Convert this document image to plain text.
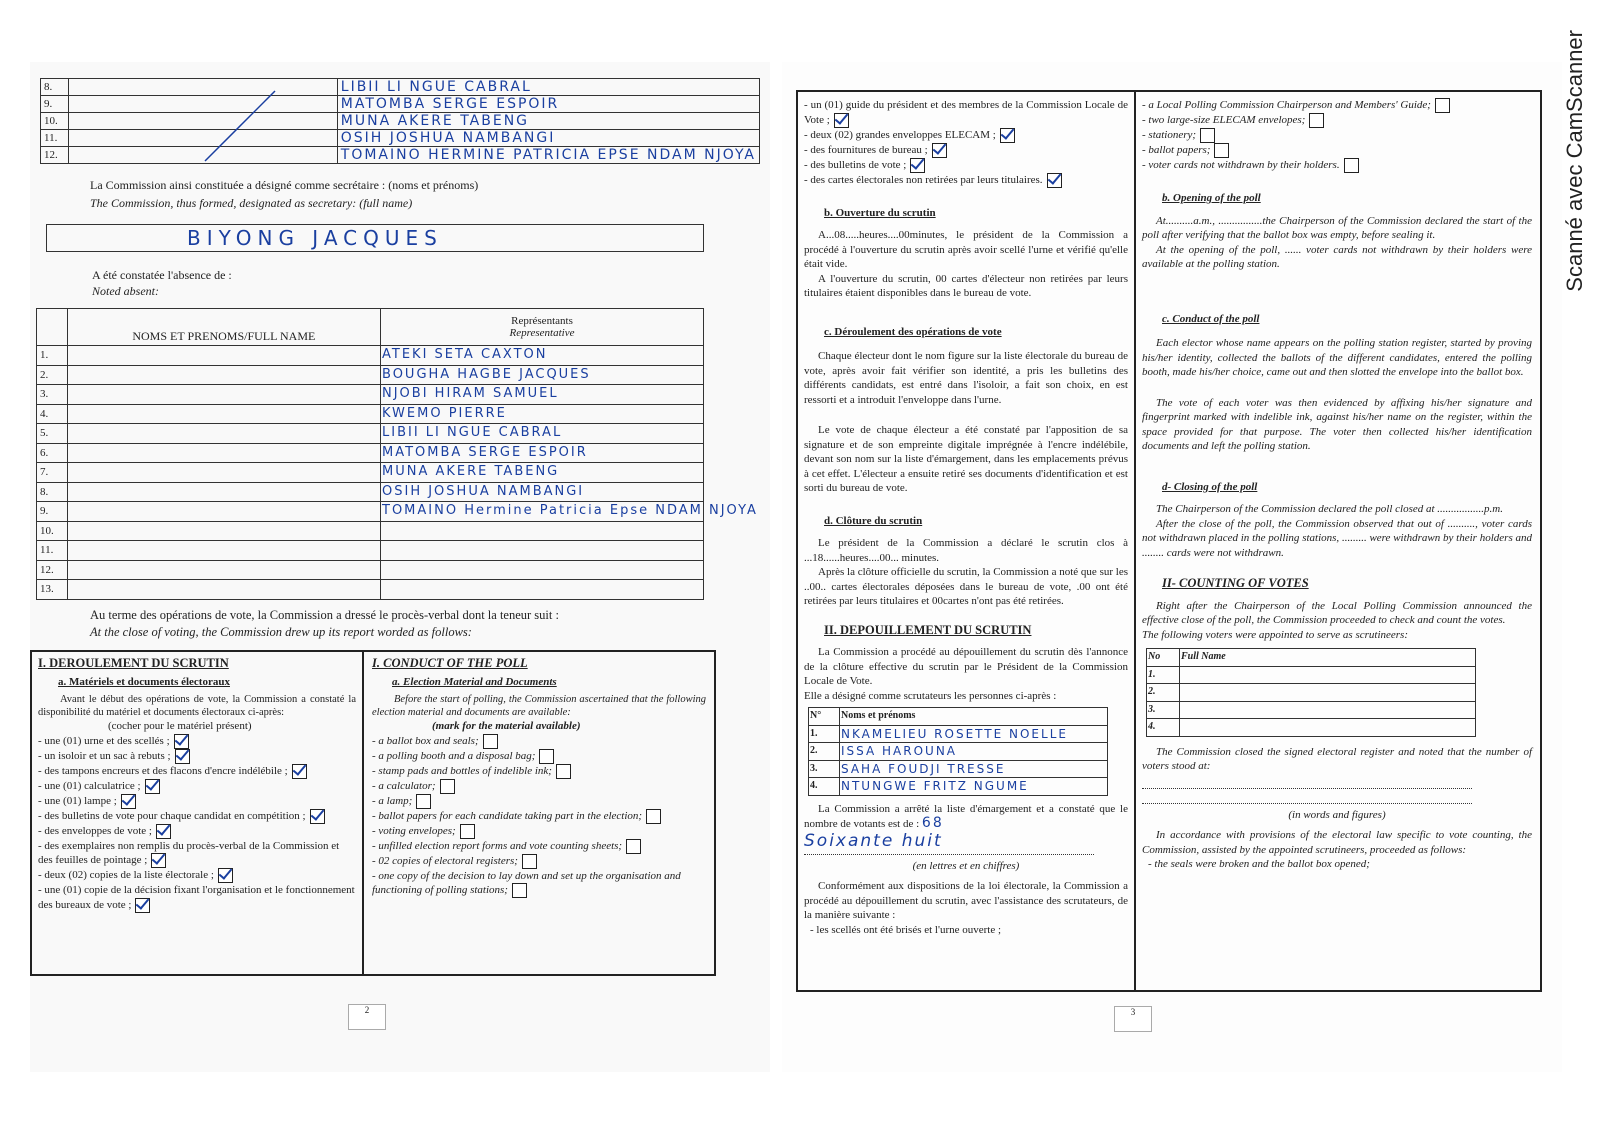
Scanné avec CamScanner
8.		LIBII LI NGUE CABRAL

9.		MATOMBA SERGE ESPOIR

10.		MUNA AKERE TABENG

11.		OSIH JOSHUA NAMBANGI

12.		TOMAINO HERMINE PATRICIA EPSE NDAM NJOYA
La Commission ainsi constituée a désigné comme secrétaire : (noms et prénoms)
The Commission, thus formed, designated as secretary: (full name)
BIYONG JACQUES
A été constatée l'absence de :
Noted absent:
	NOMS ET PRENOMS/FULL NAME	Représentants
Representative
1.		ATEKI SETA CAXTON

2.		BOUGHA HAGBE JACQUES

3.		NJOBI HIRAM SAMUEL

4.		KWEMO PIERRE

5.		LIBII LI NGUE CABRAL

6.		MATOMBA SERGE ESPOIR

7.		MUNA AKERE TABENG

8.		OSIH JOSHUA NAMBANGI

9.		TOMAINO Hermine Patricia Epse NDAM NJOYA

10.		

11.		

12.		

13.		
Au terme des opérations de vote, la Commission a dressé le procès-verbal dont la teneur suit :
At the close of voting, the Commission drew up its report worded as follows:

I. DEROULEMENT DU SCRUTIN

a. Matériels et documents électoraux

Avant le début des opérations de vote, la Commission a constaté la disponibilité du matériel et documents électoraux ci-après:

(cocher pour le matériel présent)

- une (01) urne et des scellés ;

- un isoloir et un sac à rebuts ;

- des tampons encreurs et des flacons d'encre indélébile ;

- une (01) calculatrice ;

- une (01) lampe ;

- des bulletins de vote pour chaque candidat en compétition ;

- des enveloppes de vote ;

- des exemplaires non remplis du procès-verbal de la Commission et des feuilles de pointage ;

- deux (02) copies de la liste électorale ;

- une (01) copie de la décision fixant l'organisation et le fonctionnement des bureaux de vote ;

I. CONDUCT OF THE POLL

a. Election Material and Documents

Before the start of polling, the Commission ascertained that the following election material and documents are available:

(mark for the material available)

- a ballot box and seals;

- a polling booth and a disposal bag;

- stamp pads and bottles of indelible ink;

- a calculator;

- a lamp;

- ballot papers for each candidate taking part in the election;

- voting envelopes;

- unfilled election report forms and vote counting sheets;

- 02 copies of electoral registers;

- one copy of the decision to lay down and set up the organisation and functioning of polling stations;

2

- un (01) guide du président et des membres de la Commission Locale de Vote ;

- deux (02) grandes enveloppes ELECAM ;

- des fournitures de bureau ;

- des bulletins de vote ;

- des cartes électorales non retirées par leurs titulaires.

b. Ouverture du scrutin

A...08.....heures....00minutes, le président de la Commission a procédé à l'ouverture du scrutin après avoir scellé l'urne et vérifié qu'elle était vide.

A l'ouverture du scrutin, 00 cartes d'électeur non retirées par leurs titulaires étaient disponibles dans le bureau de vote.

c. Déroulement des opérations de vote

Chaque électeur dont le nom figure sur la liste électorale du bureau de vote, après avoir fait vérifier son identité, a pris les bulletins des différents candidats, est entré dans l'isoloir, a fait son choix, en est ressorti et a introduit l'enveloppe dans l'urne.

Le vote de chaque électeur a été constaté par l'apposition de sa signature et de son empreinte digitale imprégnée à l'encre indélébile, devant son nom sur la liste d'émargement, dans les emplacements prévus à cet effet. L'électeur a ensuite retiré ses documents d'identification et est sorti du bureau de vote.

d. Clôture du scrutin

Le président de la Commission a déclaré le scrutin clos à ...18......heures....00... minutes.

Après la clôture officielle du scrutin, la Commission a noté que sur les ..00.. cartes électorales déposées dans le bureau de vote, .00 ont été retirées par leurs titulaires et 00cartes n'ont pas été retirées.

II. DEPOUILLEMENT DU SCRUTIN

La Commission a procédé au dépouillement du scrutin dès l'annonce de la clôture effective du scrutin par le Président de la Commission Locale de Vote.

Elle a désigné comme scrutateurs les personnes ci-après :

N°	Noms et prénoms
1.	NKAMELIEU ROSETTE NOELLE

2.	ISSA HAROUNA

3.	SAHA FOUDJI TRESSE

4.	NTUNGWE FRITZ NGUME

La Commission a arrêté la liste d'émargement et a constaté que le nombre de votants est de : 68

Soixante huit

(en lettres et en chiffres)

Conformément aux dispositions de la loi électorale, la Commission a procédé au dépouillement du scrutin, avec l'assistance des scrutateurs, de la manière suivante :

- les scellés ont été brisés et l'urne ouverte ;

- a Local Polling Commission Chairperson and Members' Guide;

- two large-size ELECAM envelopes;

- stationery;

- ballot papers;

- voter cards not withdrawn by their holders.

b. Opening of the poll

At..........a.m., ................the Chairperson of the Commission declared the start of the poll after verifying that the ballot box was empty, before sealing it.

At the opening of the poll, ...... voter cards not withdrawn by their holders were available at the polling station.

c. Conduct of the poll

Each elector whose name appears on the polling station register, started by proving his/her identity, collected the ballots of the different candidates, entered the polling booth, made his/her choice, came out and then slotted the envelope into the ballot box.

The vote of each voter was then evidenced by affixing his/her signature and fingerprint marked with indelible ink, against his/her name on the register, within the space provided for that purpose. The voter then collected his/her identification documents and left the polling station.

d- Closing of the poll

The Chairperson of the Commission declared the poll closed at .................p.m.

After the close of the poll, the Commission observed that out of .........., voter cards not withdrawn placed in the polling stations, ......... were withdrawn by their holders and ........ cards were not withdrawn.

II- COUNTING OF VOTES

Right after the Chairperson of the Local Polling Commission announced the effective close of the poll, the Commission proceeded to check and count the votes.

The following voters were appointed to serve as scrutineers:

No	Full Name
1.	
2.	
3.	
4.	

The Commission closed the signed electoral register and noted that the number of voters stood at:

(in words and figures)

In accordance with provisions of the electoral law specific to vote counting, the Commission, assisted by the appointed scrutineers, proceeded as follows:

- the seals were broken and the ballot box opened;

3
